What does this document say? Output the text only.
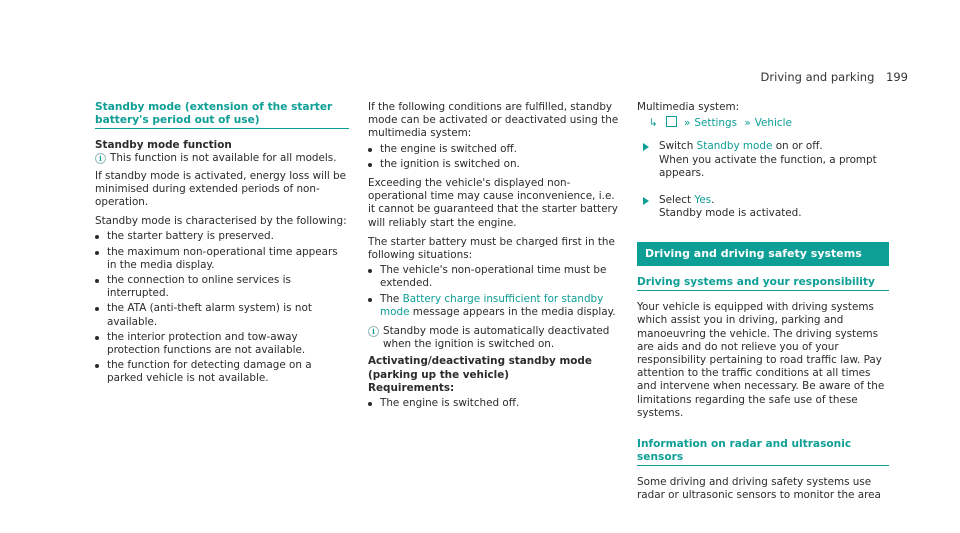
Driving and parking 199
Standby mode (extension of the starter battery's period out of use)

Standby mode function

i This function is not available for all models.

If standby mode is activated, energy loss will be minimised during extended periods of non-operation.

Standby mode is characterised by the following:

the starter battery is preserved.
the maximum non-operational time appears in the media display.
the connection to online services is interrupted.
the ATA (anti-theft alarm system) is not available.
the interior protection and tow-away protection functions are not available.
the function for detecting damage on a parked vehicle is not available.

If the following conditions are fulfilled, standby mode can be activated or deactivated using the multimedia system:

the engine is switched off.
the ignition is switched on.

Exceeding the vehicle's displayed non-operational time may cause inconvenience, i.e. it cannot be guaranteed that the starter battery will reliably start the engine.

The starter battery must be charged first in the following situations:

The vehicle's non-operational time must be extended.
The Battery charge insufficient for standby mode message appears in the media display.
i Standby mode is automatically deactivated when the ignition is switched on.

Activating/deactivating standby mode (parking up the vehicle)

Requirements:

The engine is switched off.

Multimedia system:

↳	» Settings » Vehicle
Switch Standby mode on or off.
When you activate the function, a prompt appears.
Select Yes.
Standby mode is activated.
Driving and driving safety systems
Driving systems and your responsibility

Your vehicle is equipped with driving systems which assist you in driving, parking and manoeuvring the vehicle. The driving systems are aids and do not relieve you of your responsibility pertaining to road traffic law. Pay attention to the traffic conditions at all times and intervene when necessary. Be aware of the limitations regarding the safe use of these systems.

Information on radar and ultrasonic sensors

Some driving and driving safety systems use radar or ultrasonic sensors to monitor the area
